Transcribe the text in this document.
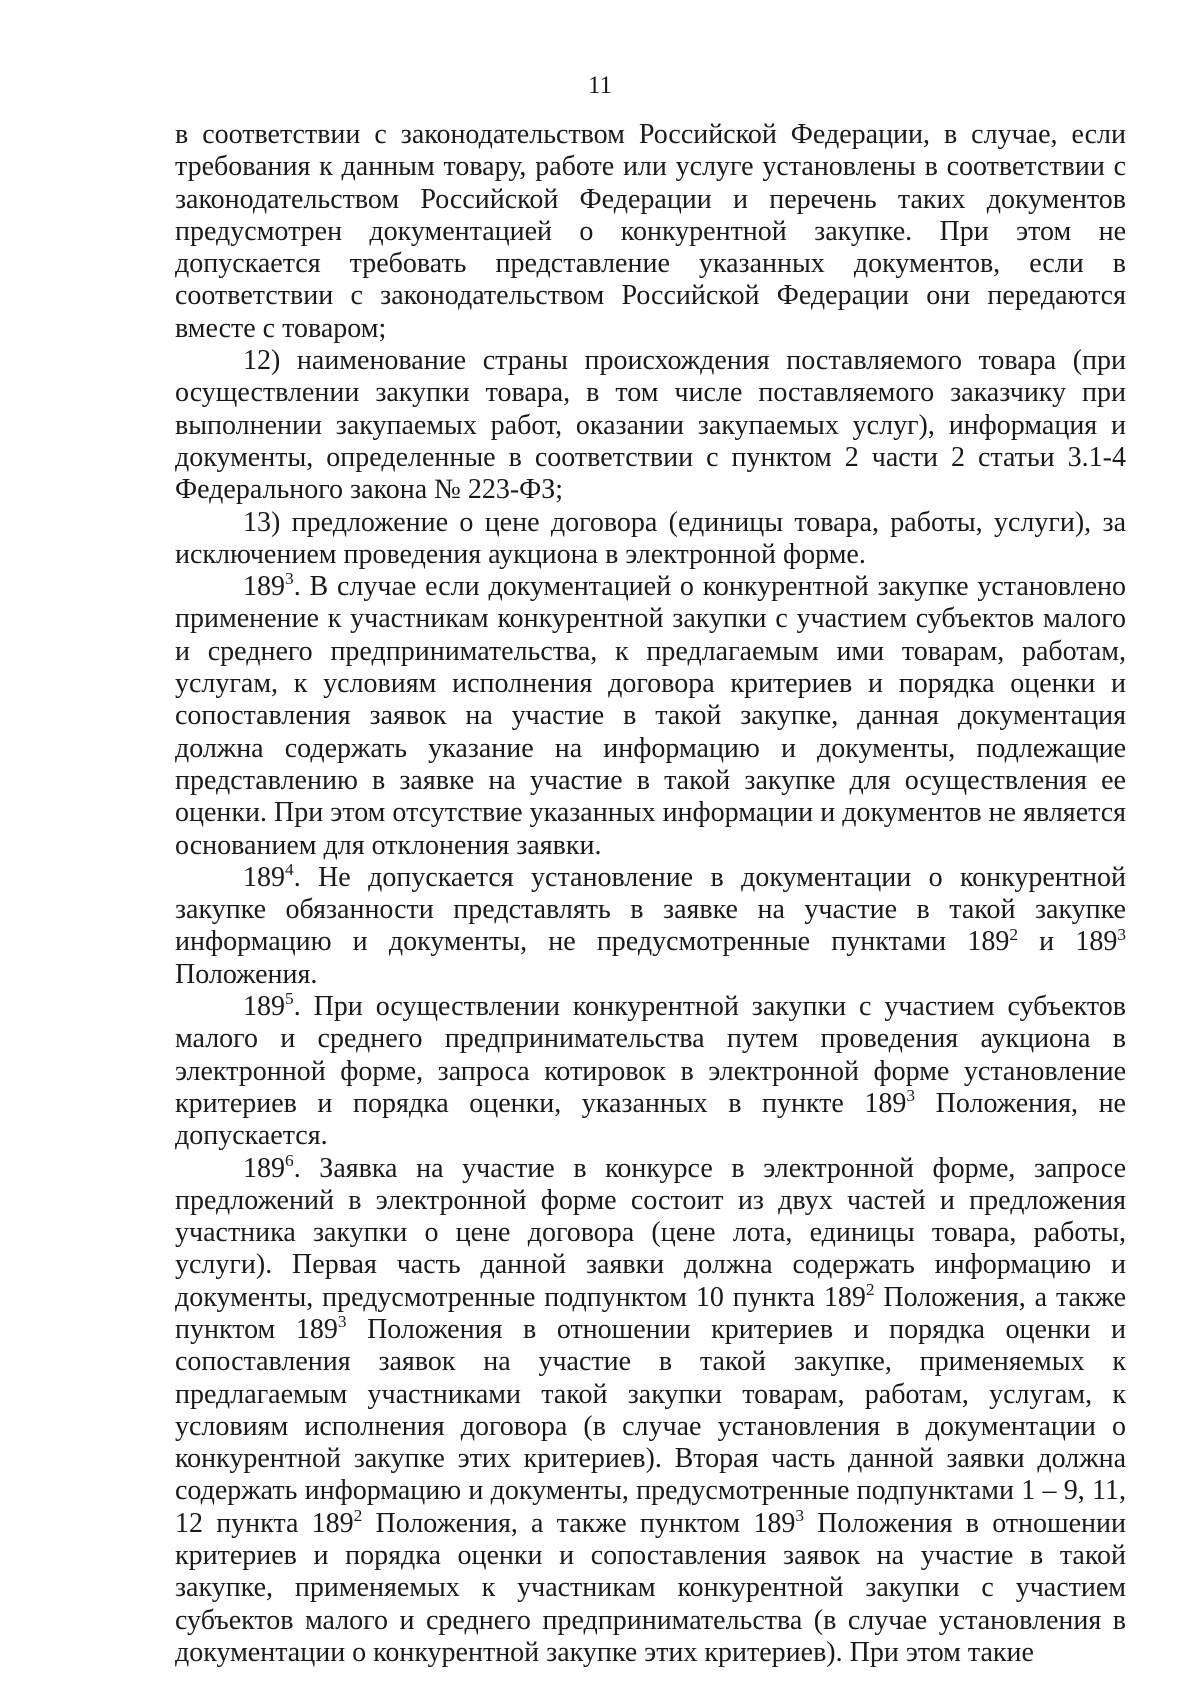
11

в соответствии с законодательством Российской Федерации, в случае, если требования к данным товару, работе или услуге установлены в соответствии с законодательством Российской Федерации и перечень таких документов предусмотрен документацией о конкурентной закупке. При этом не допускается требовать представление указанных документов, если в соответствии с законодательством Российской Федерации они передаются вместе с товаром;

12) наименование страны происхождения поставляемого товара (при осуществлении закупки товара, в том числе поставляемого заказчику при выполнении закупаемых работ, оказании закупаемых услуг), информация и документы, определенные в соответствии с пунктом 2 части 2 статьи 3.1-4 Федерального закона № 223-ФЗ;

13) предложение о цене договора (единицы товара, работы, услуги), за исключением проведения аукциона в электронной форме.

$189^3$. В случае если документацией о конкурентной закупке установлено применение к участникам конкурентной закупки с участием субъектов малого и среднего предпринимательства, к предлагаемым ими товарам, работам, услугам, к условиям исполнения договора критериев и порядка оценки и сопоставления заявок на участие в такой закупке, данная документация должна содержать указание на информацию и документы, подлежащие представлению в заявке на участие в такой закупке для осуществления ее оценки. При этом отсутствие указанных информации и документов не является основанием для отклонения заявки.

$189^4$. Не допускается установление в документации о конкурентной закупке обязанности представлять в заявке на участие в такой закупке информацию и документы, не предусмотренные пунктами $189^2$ и $189^3$ Положения.

$189^5$. При осуществлении конкурентной закупки с участием субъектов малого и среднего предпринимательства путем проведения аукциона в электронной форме, запроса котировок в электронной форме установление критериев и порядка оценки, указанных в пункте $189^3$ Положения, не допускается.

$189^6$. Заявка на участие в конкурсе в электронной форме, запросе предложений в электронной форме состоит из двух частей и предложения участника закупки о цене договора (цене лота, единицы товара, работы, услуги). Первая часть данной заявки должна содержать информацию и документы, предусмотренные подпунктом 10 пункта $189^2$ Положения, а также пунктом $189^3$ Положения в отношении критериев и порядка оценки и сопоставления заявок на участие в такой закупке, применяемых к предлагаемым участниками такой закупки товарам, работам, услугам, к условиям исполнения договора (в случае установления в документации о конкурентной закупке этих критериев). Вторая часть данной заявки должна содержать информацию и документы, предусмотренные подпунктами 1 – 9, 11, 12 пункта $189^2$ Положения, а также пунктом $189^3$ Положения в отношении критериев и порядка оценки и сопоставления заявок на участие в такой закупке, применяемых к участникам конкурентной закупки с участием субъектов малого и среднего предпринимательства (в случае установления в документации о конкурентной закупке этих критериев). При этом такие
